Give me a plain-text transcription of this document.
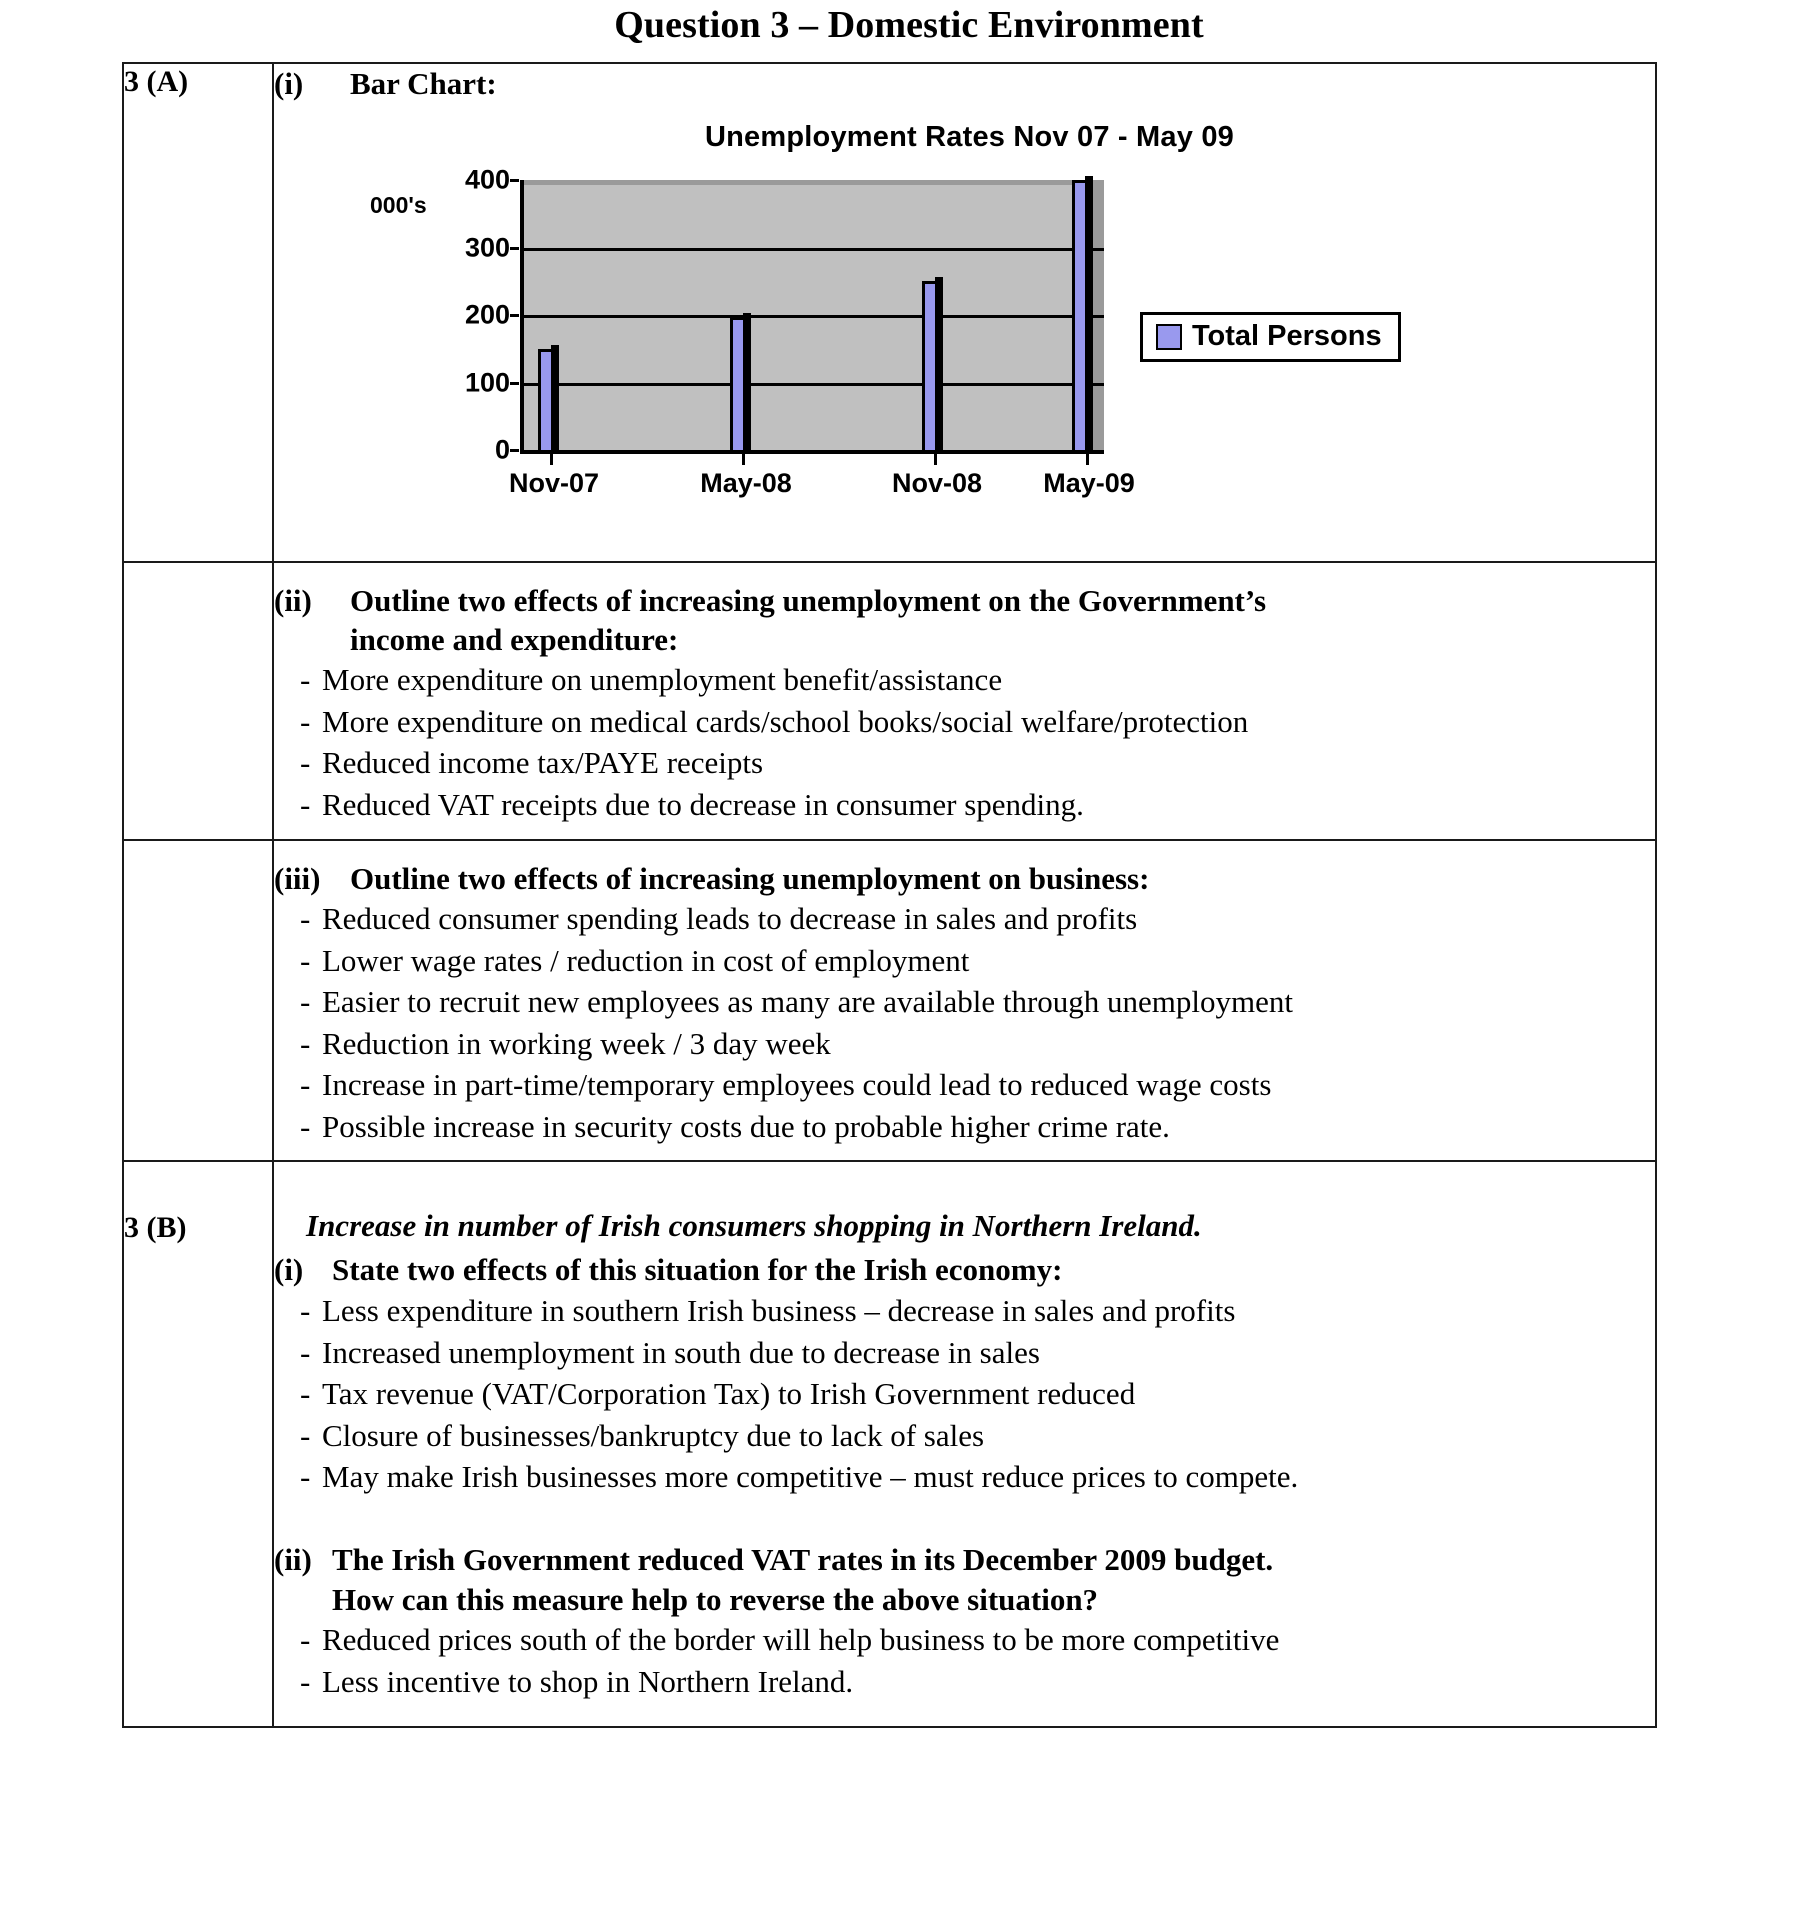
Question 3 – Domestic Environment
3 (A)	(i)	Bar Chart:
Unemployment Rates Nov 07 - May 09
000's
400
300
200
100
0
Nov-07	May-08	Nov-08 May-09
Total Persons

(ii)	Outline two effects of increasing unemployment on the Government’s
income and expenditure:
- More expenditure on unemployment benefit/assistance
- More expenditure on medical cards/school books/social welfare/protection
- Reduced income tax/PAYE receipts
- Reduced VAT receipts due to decrease in consumer spending.

(iii) Outline two effects of increasing unemployment on business:
- Reduced consumer spending leads to decrease in sales and profits
- Lower wage rates / reduction in cost of employment
- Easier to recruit new employees as many are available through unemployment
- Reduction in working week / 3 day week
- Increase in part-time/temporary employees could lead to reduced wage costs
- Possible increase in security costs due to probable higher crime rate.

3 (B)	Increase in number of Irish consumers shopping in Northern Ireland.
(i) State two effects of this situation for the Irish economy:
- Less expenditure in southern Irish business – decrease in sales and profits
- Increased unemployment in south due to decrease in sales
- Tax revenue (VAT/Corporation Tax) to Irish Government reduced
- Closure of businesses/bankruptcy due to lack of sales
- May make Irish businesses more competitive – must reduce prices to compete.
(ii) The Irish Government reduced VAT rates in its December 2009 budget.
How can this measure help to reverse the above situation?
- Reduced prices south of the border will help business to be more competitive
- Less incentive to shop in Northern Ireland.
